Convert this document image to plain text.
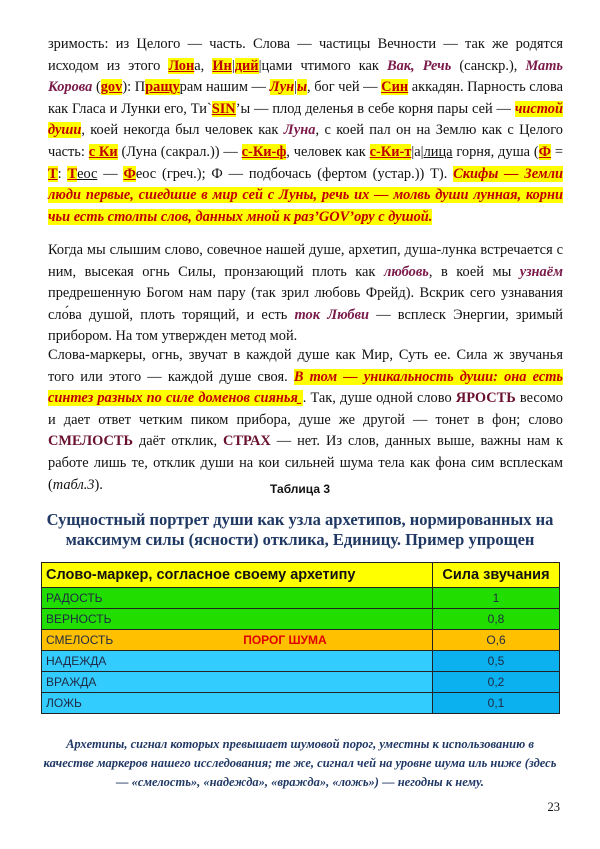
зримость: из Целого — часть. Слова — частицы Вечности — так же родятся исходом из этого Лона, Ин|дий|цами чтимого как Вак, Речь (санскр.), Мать Корова (gov): Пращурам нашим — Лун|ы, бог чей — Син аккадян. Парность слова как Гласа и Лунки его, Ти`SIN’ы — плод деленья в себе корня пары сей — чистой души, коей некогда был человек как Луна, с коей пал он на Землю как с Целого часть: с Ки (Луна (сакрал.)) — с-Ки-ф, человек как с-Ки-т|а|лица горня, душа (Ф = Т: Теос — Феос (греч.); Ф — подбочась (фертом (устар.)) Т). Скифы — Земли люди первые, сшедшие в мир сей с Луны, речь их — молвь души лунная, корни чьи есть столпы слов, данных мной к раз’GOV’ору с душой.
Когда мы слышим слово, совечное нашей душе, архетип, душа-лунка встречается с ним, высекая огнь Силы, пронзающий плоть как любовь, в коей мы узнаём предрешенную Богом нам пару (так зрил любовь Фрейд). Вскрик сего узнавания сло́ва душой, плоть торящий, и есть ток Любви — всплеск Энергии, зримый прибором. На том утвержден метод мой.
Слова-маркеры, огнь, звучат в каждой душе как Мир, Суть ее. Сила ж звучанья того или этого — каждой душе своя. В том — уникальность души: она есть синтез разных по силе доменов сияньяˍ. Так, душе одной слово ЯРОСТЬ весомо и дает ответ четким пиком прибора, душе же другой — тонет в фон; слово СМЕЛОСТЬ даёт отклик, СТРАХ — нет. Из слов, данных выше, важны нам к работе лишь те, отклик души на кои сильней шума тела как фона сим всплескам (табл.3).	Таблица 3
Сущностный портрет души как узла архетипов, нормированных на максимум силы (ясности) отклика, Единицу. Пример упрощен
Слово-маркер, согласное своему архетипу	Сила звучания
РАДОСТЬ	1
ВЕРНОСТЬ	0,8
СМЕЛОСТЬ ПОРОГ ШУМА	O,6
НАДЕЖДА	0,5
ВРАЖДА	0,2
ЛОЖЬ	0,1
Архетипы, сигнал которых превышает шумовой порог, уместны к использованию в качестве маркеров нашего исследования; те же, сигнал чей на уровне шума иль ниже (здесь — «смелость», «надежда», «вражда», «ложь») — негодны к нему.
23
